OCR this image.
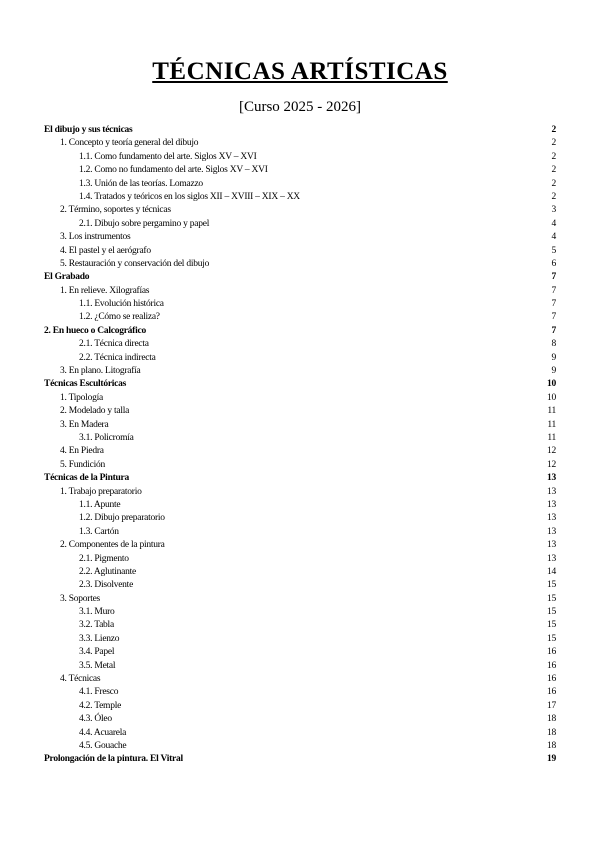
TÉCNICAS ARTÍSTICAS
[Curso 2025 - 2026]
El dibujo y sus técnicas	2
1. Concepto y teoría general del dibujo	2
1.1. Como fundamento del arte. Siglos XV – XVI	2
1.2. Como no fundamento del arte. Siglos XV – XVI	2
1.3. Unión de las teorías. Lomazzo	2
1.4. Tratados y teóricos en los siglos XII – XVIII – XIX – XX	2
2. Término, soportes y técnicas	3
2.1. Dibujo sobre pergamino y papel	4
3. Los instrumentos	4
4. El pastel y el aerógrafo	5
5. Restauración y conservación del dibujo	6
El Grabado	7
1. En relieve. Xilografías	7
1.1. Evolución histórica	7
1.2. ¿Cómo se realiza?	7
2. En hueco o Calcográfico	7
2.1. Técnica directa	8
2.2. Técnica indirecta	9
3. En plano. Litografía	9
Técnicas Escultóricas	10
1. Tipología	10
2. Modelado y talla	11
3. En Madera	11
3.1. Policromía	11
4. En Piedra	12
5. Fundición	12
Técnicas de la Pintura	13
1. Trabajo preparatorio	13
1.1. Apunte	13
1.2. Dibujo preparatorio	13
1.3. Cartón	13
2. Componentes de la pintura	13
2.1. Pigmento	13
2.2. Aglutinante	14
2.3. Disolvente	15
3. Soportes	15
3.1. Muro	15
3.2. Tabla	15
3.3. Lienzo	15
3.4. Papel	16
3.5. Metal	16
4. Técnicas	16
4.1. Fresco	16
4.2. Temple	17
4.3. Óleo	18
4.4. Acuarela	18
4.5. Gouache	18
Prolongación de la pintura. El Vitral	19
